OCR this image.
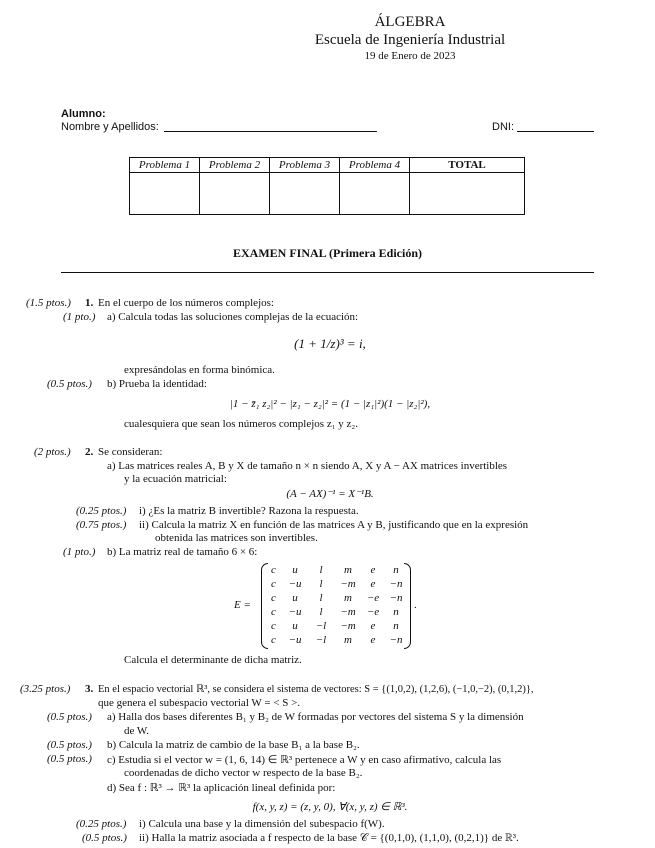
ÁLGEBRA
Escuela de Ingeniería Industrial
19 de Enero de 2023
Alumno:
Nombre y Apellidos:	DNI:
Problema 1	Problema 2	Problema 3	Problema 4	TOTAL

EXAMEN FINAL (Primera Edición)
(1.5 ptos.) 1. En el cuerpo de los números complejos:
(1 pto.) a) Calcula todas las soluciones complejas de la ecuación:
(1 + 1/z)³ = i,
expresándolas en forma binómica.
(0.5 ptos.) b) Prueba la identidad:
|1 − z̄₁ z₂|² − |z₁ − z₂|² = (1 − |z₁|²)(1 − |z₂|²),
cualesquiera que sean los números complejos z₁ y z₂.
(2 ptos.) 2. Se consideran:
a) Las matrices reales A, B y X de tamaño n × n siendo A, X y A − AX matrices invertibles
y la ecuación matricial:
(A − AX)⁻¹ = X⁻¹B.
(0.25 ptos.) i) ¿Es la matriz B invertible? Razona la respuesta.
(0.75 ptos.) ii) Calcula la matriz X en función de las matrices A y B, justificando que en la expresión
obtenida las matrices son invertibles.
(1 pto.) b) La matriz real de tamaño 6 × 6:
E =
c	u	l	m	e	n
c	−u	l	−m	e	−n
c	u	l	m	−e	−n
c	−u	l	−m	−e	n
c	u	−l	−m	e	n
c	−u	−l	m	e	−n
.
Calcula el determinante de dicha matriz.
(3.25 ptos.) 3. En el espacio vectorial ℝ³, se considera el sistema de vectores: S = {(1,0,2), (1,2,6), (−1,0,−2), (0,1,2)},
que genera el subespacio vectorial W = < S >.
(0.5 ptos.) a) Halla dos bases diferentes B₁ y B₂ de W formadas por vectores del sistema S y la dimensión
de W.
(0.5 ptos.) b) Calcula la matriz de cambio de la base B₁ a la base B₂.
(0.5 ptos.) c) Estudia si el vector w = (1, 6, 14) ∈ ℝ³ pertenece a W y en caso afirmativo, calcula las
coordenadas de dicho vector w respecto de la base B₂.
d) Sea f : ℝ³ → ℝ³ la aplicación lineal definida por:
f(x, y, z) = (z, y, 0), ∀(x, y, z) ∈ ℝ³.
(0.25 ptos.) i) Calcula una base y la dimensión del subespacio f(W).
(0.5 ptos.) ii) Halla la matriz asociada a f respecto de la base 𝒞 = {(0,1,0), (1,1,0), (0,2,1)} de ℝ³.
